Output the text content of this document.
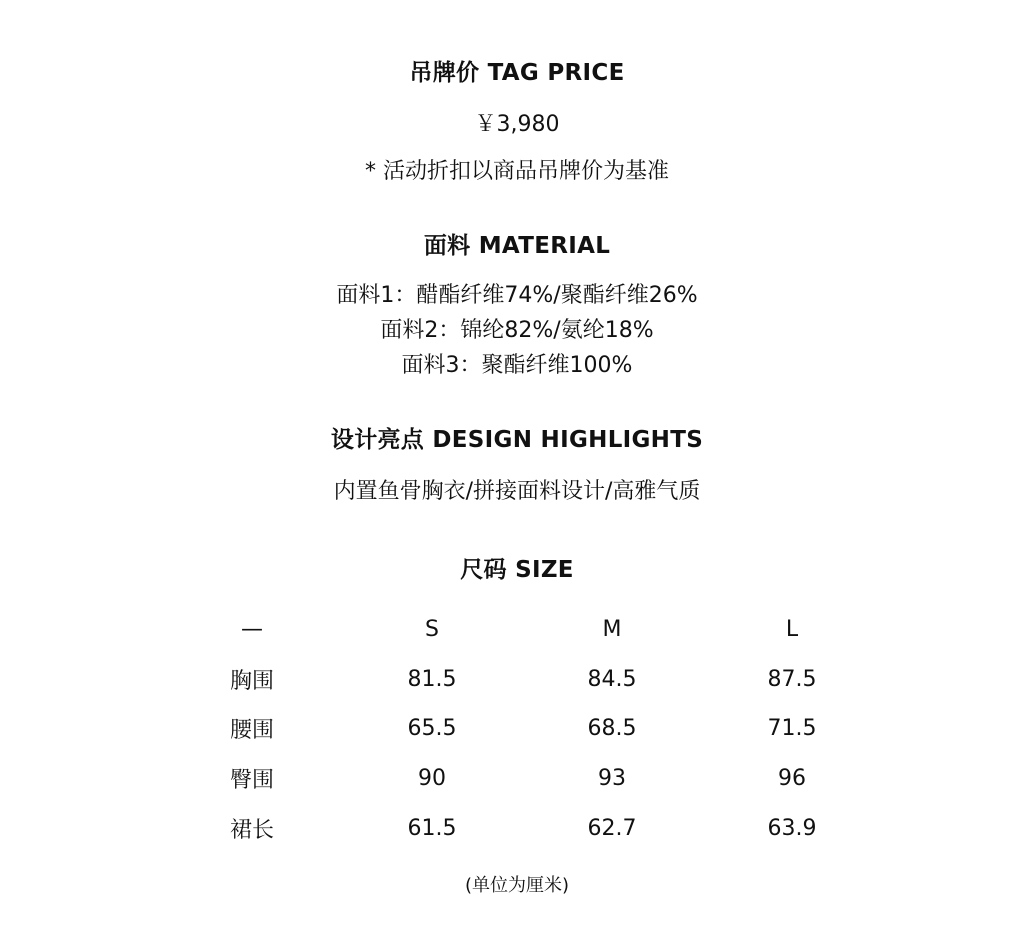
吊牌价 TAG PRICE
￥3,980
* 活动折扣以商品吊牌价为基准
面料 MATERIAL
面料1：醋酯纤维74%/聚酯纤维26%
面料2：锦纶82%/氨纶18%
面料3：聚酯纤维100%
设计亮点 DESIGN HIGHLIGHTS
内置鱼骨胸衣/拼接面料设计/高雅气质
尺码 SIZE
—	S	M	L
胸围	81.5	84.5	87.5
腰围	65.5	68.5	71.5
臀围	90	93	96
裙长	61.5	62.7	63.9
(单位为厘米)
